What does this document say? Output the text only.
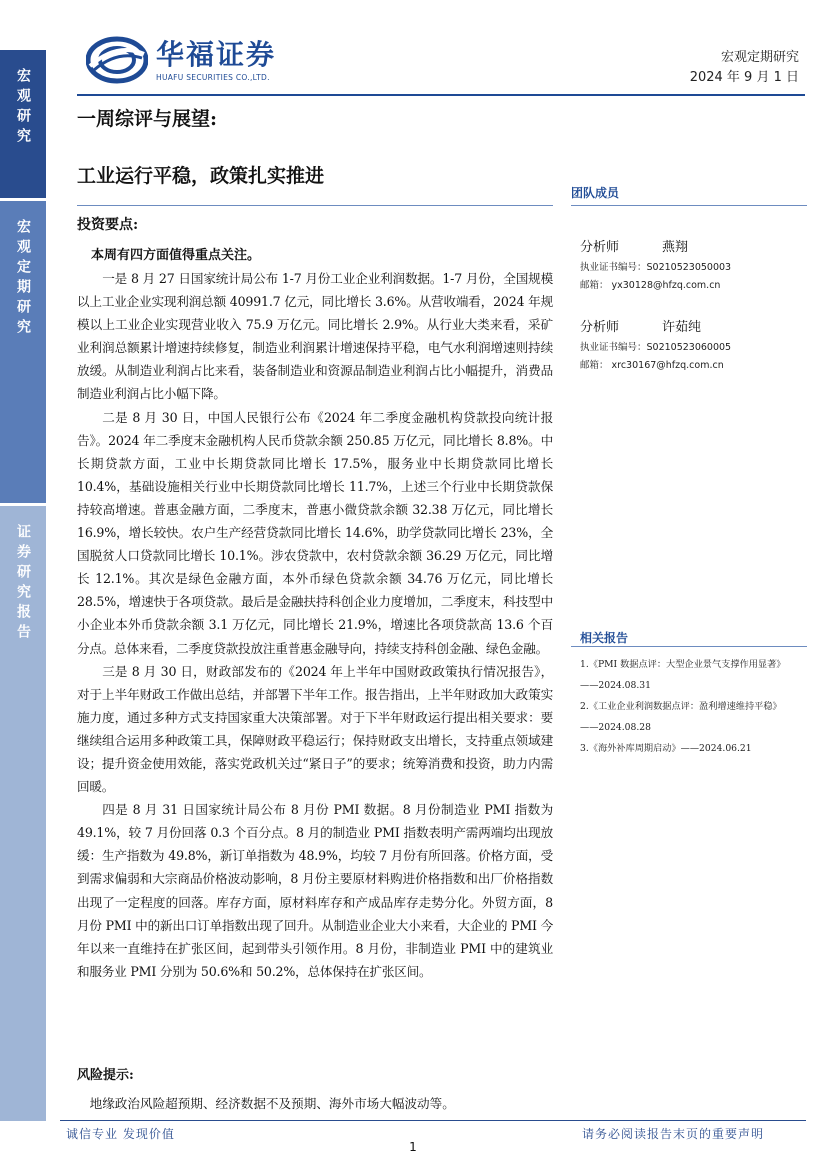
宏观研究
宏观定期研究
证券研究报告
华福证券
HUAFU SECURITIES CO.,LTD.
宏观定期研究
2024 年 9 月 1 日
一周综评与展望:
工业运行平稳，政策扎实推进
投资要点:
本周有四方面值得重点关注。

一是 8 月 27 日国家统计局公布 1-7 月份工业企业利润数据。1-7 月份，全国规模以上工业企业实现利润总额 40991.7 亿元，同比增长 3.6%。从营收端看，2024 年规模以上工业企业实现营业收入 75.9 万亿元。同比增长 2.9%。从行业大类来看，采矿业利润总额累计增速持续修复，制造业利润累计增速保持平稳，电气水利润增速则持续放缓。从制造业利润占比来看，装备制造业和资源品制造业利润占比小幅提升，消费品制造业利润占比小幅下降。

二是 8 月 30 日，中国人民银行公布《2024 年二季度金融机构贷款投向统计报告》。2024 年二季度末金融机构人民币贷款余额 250.85 万亿元，同比增长 8.8%。中长期贷款方面，工业中长期贷款同比增长 17.5%，服务业中长期贷款同比增长 10.4%，基础设施相关行业中长期贷款同比增长 11.7%，上述三个行业中长期贷款保持较高增速。普惠金融方面，二季度末，普惠小微贷款余额 32.38 万亿元，同比增长 16.9%，增长较快。农户生产经营贷款同比增长 14.6%，助学贷款同比增长 23%，全国脱贫人口贷款同比增长 10.1%。涉农贷款中，农村贷款余额 36.29 万亿元，同比增长 12.1%。其次是绿色金融方面，本外币绿色贷款余额 34.76 万亿元，同比增长 28.5%，增速快于各项贷款。最后是金融扶持科创企业力度增加，二季度末，科技型中小企业本外币贷款余额 3.1 万亿元，同比增长 21.9%，增速比各项贷款高 13.6 个百分点。总体来看，二季度贷款投放注重普惠金融导向，持续支持科创金融、绿色金融。

三是 8 月 30 日，财政部发布的《2024 年上半年中国财政政策执行情况报告》，对于上半年财政工作做出总结，并部署下半年工作。报告指出，上半年财政加大政策实施力度，通过多种方式支持国家重大决策部署。对于下半年财政运行提出相关要求：要继续组合运用多种政策工具，保障财政平稳运行；保持财政支出增长，支持重点领域建设；提升资金使用效能，落实党政机关过“紧日子”的要求；统筹消费和投资，助力内需回暖。

四是 8 月 31 日国家统计局公布 8 月份 PMI 数据。8 月份制造业 PMI 指数为 49.1%，较 7 月份回落 0.3 个百分点。8 月的制造业 PMI 指数表明产需两端均出现放缓：生产指数为 49.8%，新订单指数为 48.9%，均较 7 月份有所回落。价格方面，受到需求偏弱和大宗商品价格波动影响，8 月份主要原材料购进价格指数和出厂价格指数出现了一定程度的回落。库存方面，原材料库存和产成品库存走势分化。外贸方面，8 月份 PMI 中的新出口订单指数出现了回升。从制造业企业大小来看，大企业的 PMI 今年以来一直维持在扩张区间，起到带头引领作用。8 月份，非制造业 PMI 中的建筑业和服务业 PMI 分别为 50.6%和 50.2%，总体保持在扩张区间。

风险提示:
地缘政治风险超预期、经济数据不及预期、海外市场大幅波动等。
团队成员
分析师	燕翔
执业证书编号：S0210523050003
邮箱： yx30128@hfzq.com.cn
分析师	许茹纯
执业证书编号：S0210523060005
邮箱： xrc30167@hfzq.com.cn
相关报告
1.《PMI 数据点评：大型企业景气支撑作用显著》
——2024.08.31
2.《工业企业利润数据点评：盈利增速维持平稳》
——2024.08.28
3.《海外补库周期启动》——2024.06.21
诚信专业 发现价值	请务必阅读报告末页的重要声明
1
